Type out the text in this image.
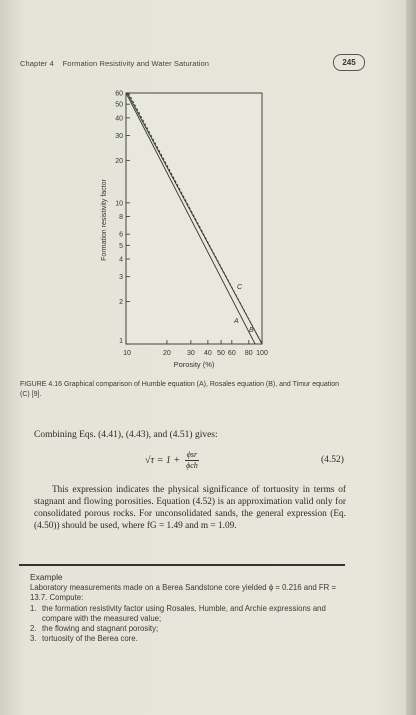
Chapter 4 Formation Resistivity and Water Saturation	245
10	20 30 40 50 60 80 100
1
2
3
4
5
6
8
10
20
30
40
50
60
A
B
C
Formation resistivity factor
Porosity (%)
FIGURE 4.16 Graphical comparison of Humble equation (A), Rosales equation (B), and Timur equation (C) [9].
Combining Eqs. (4.41), (4.43), and (4.51) gives:
$√\tau = 1 + \frac{\text{ϕsr}}{\text{ϕch}}$	(4.52)
This expression indicates the physical significance of tortuosity in terms of stagnant and flowing porosities. Equation (4.52) is an approximation valid only for consolidated porous rocks. For unconsolidated sands, the general expression (Eq. (4.50)) should be used, where fG = 1.49 and m = 1.09.
Example
Laboratory measurements made on a Berea Sandstone core yielded ϕ = 0.216 and FR = 13.7. Compute:
1. the formation resistivity factor using Rosales, Humble, and Archie expressions and compare with the measured value;
2. the flowing and stagnant porosity;
3. tortuosity of the Berea core.
